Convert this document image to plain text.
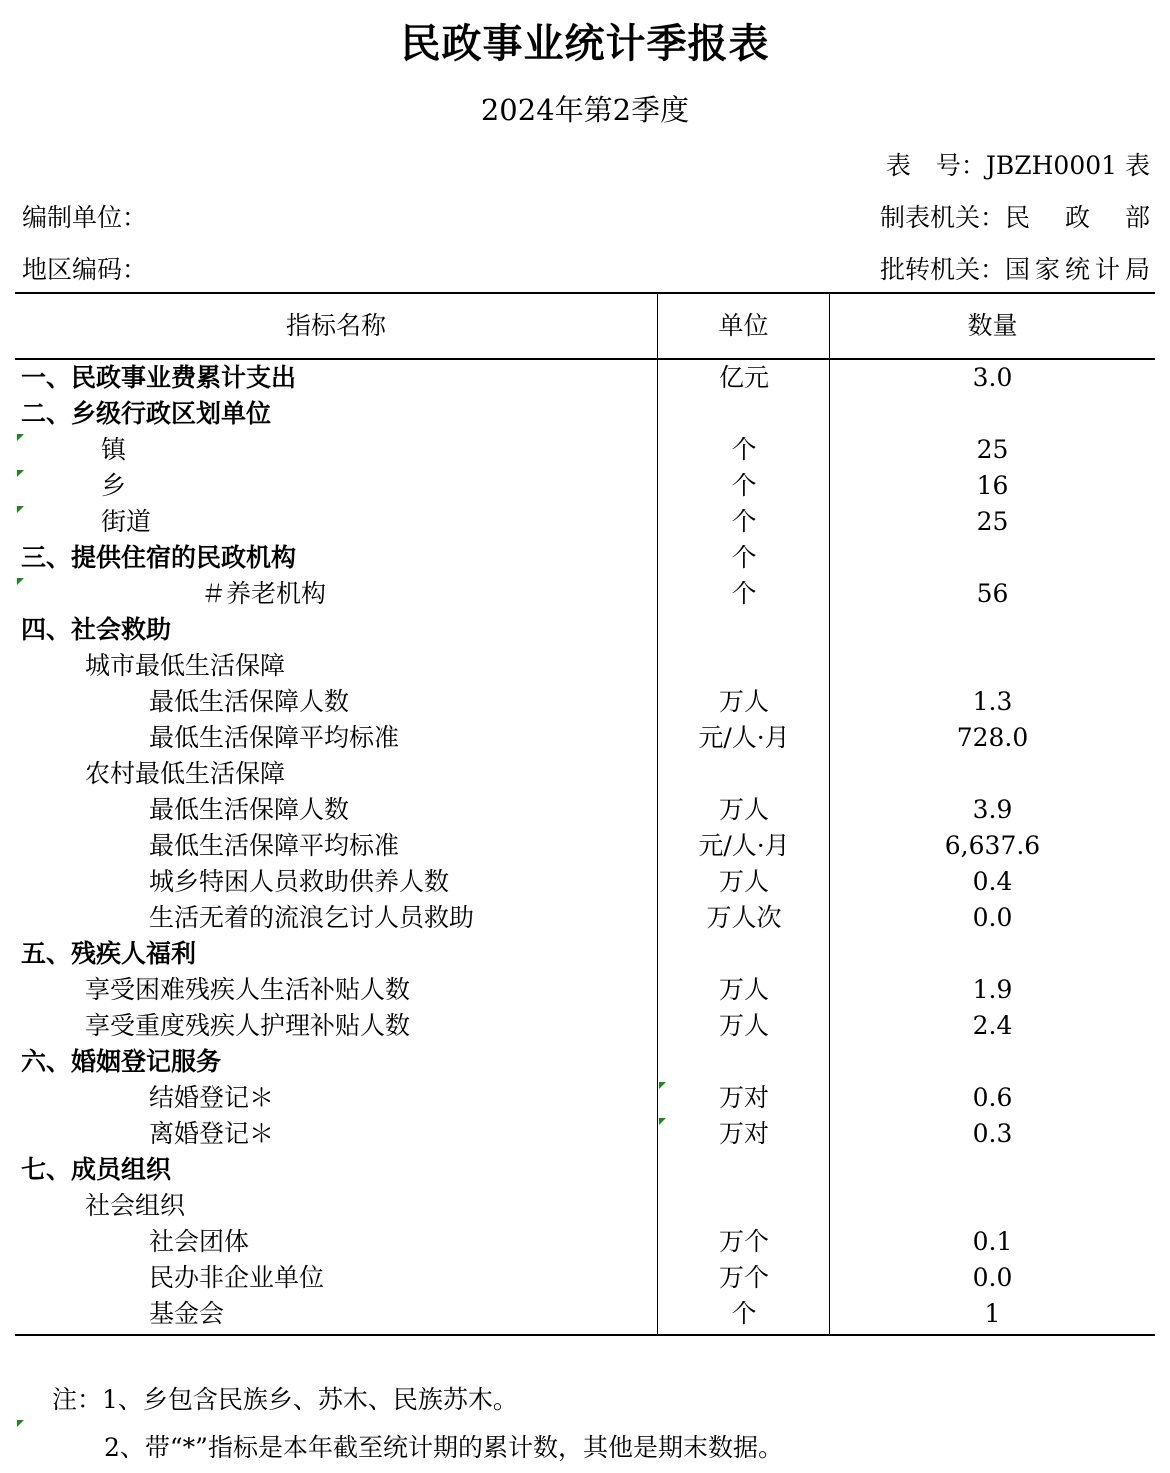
民政事业统计季报表
2024年第2季度
表　号：JBZH0001 表
编制单位：	制表机关：民　政　部
地区编码：	批转机关：国家统计局
指标名称	单位	数量
一、民政事业费累计支出	亿元	3.0
二、乡级行政区划单位
镇	个	25
乡	个	16
街道	个	25
三、提供住宿的民政机构	个
＃养老机构	个	56
四、社会救助
城市最低生活保障
最低生活保障人数	万人	1.3
最低生活保障平均标准	元/人·月	728.0
农村最低生活保障
最低生活保障人数	万人	3.9
最低生活保障平均标准	元/人·月	6,637.6
城乡特困人员救助供养人数	万人	0.4
生活无着的流浪乞讨人员救助	万人次	0.0
五、残疾人福利
享受困难残疾人生活补贴人数	万人	1.9
享受重度残疾人护理补贴人数	万人	2.4
六、婚姻登记服务
结婚登记＊	万对	0.6
离婚登记＊	万对	0.3
七、成员组织
社会组织
社会团体	万个	0.1
民办非企业单位	万个	0.0
基金会	个	1
注：1、乡包含民族乡、苏木、民族苏木。
2、带“*”指标是本年截至统计期的累计数，其他是期末数据。
